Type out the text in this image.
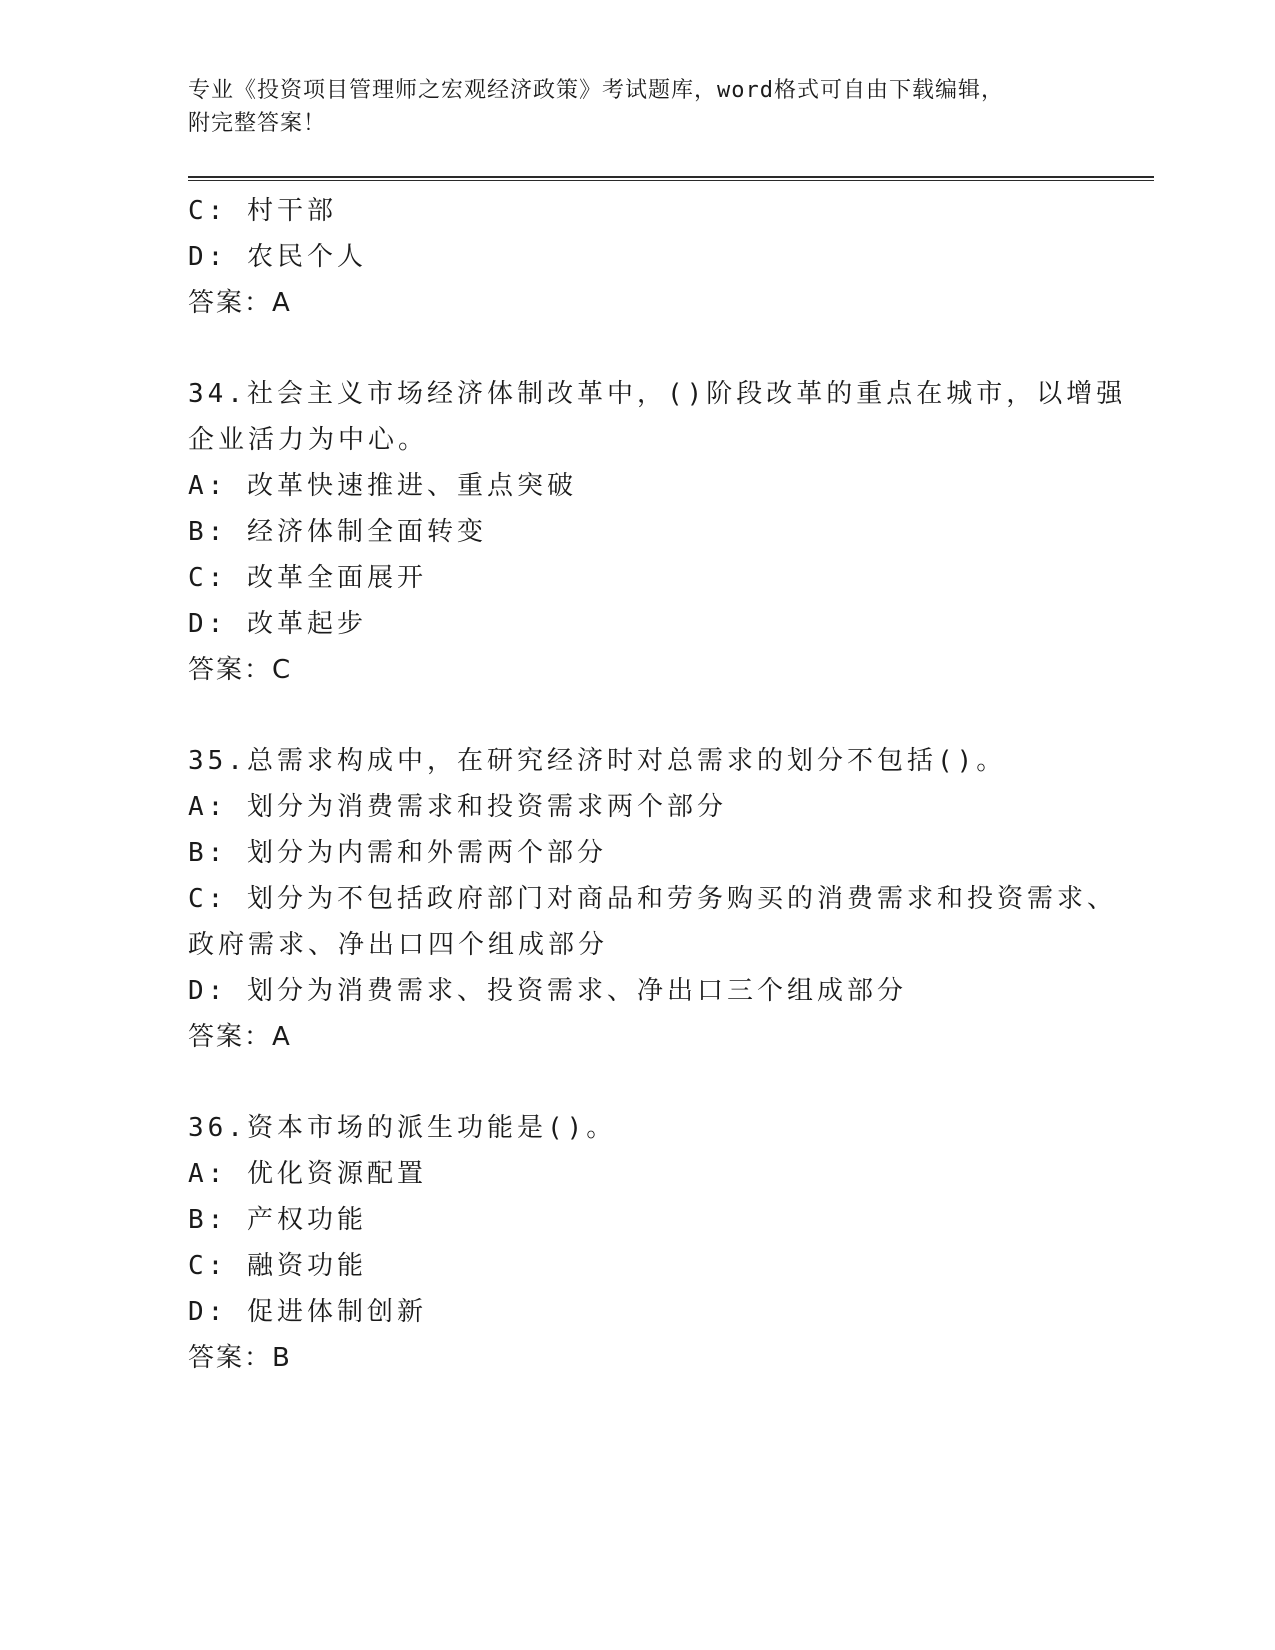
专业《投资项目管理师之宏观经济政策》考试题库，word格式可自由下载编辑，
附完整答案！
C: 村干部
D: 农民个人
答案：A
34.社会主义市场经济体制改革中，()阶段改革的重点在城市，以增强
企业活力为中心。
A: 改革快速推进、重点突破
B: 经济体制全面转变
C: 改革全面展开
D: 改革起步
答案：C
35.总需求构成中，在研究经济时对总需求的划分不包括()。
A: 划分为消费需求和投资需求两个部分
B: 划分为内需和外需两个部分
C: 划分为不包括政府部门对商品和劳务购买的消费需求和投资需求、
政府需求、净出口四个组成部分
D: 划分为消费需求、投资需求、净出口三个组成部分
答案：A
36.资本市场的派生功能是()。
A: 优化资源配置
B: 产权功能
C: 融资功能
D: 促进体制创新
答案：B
